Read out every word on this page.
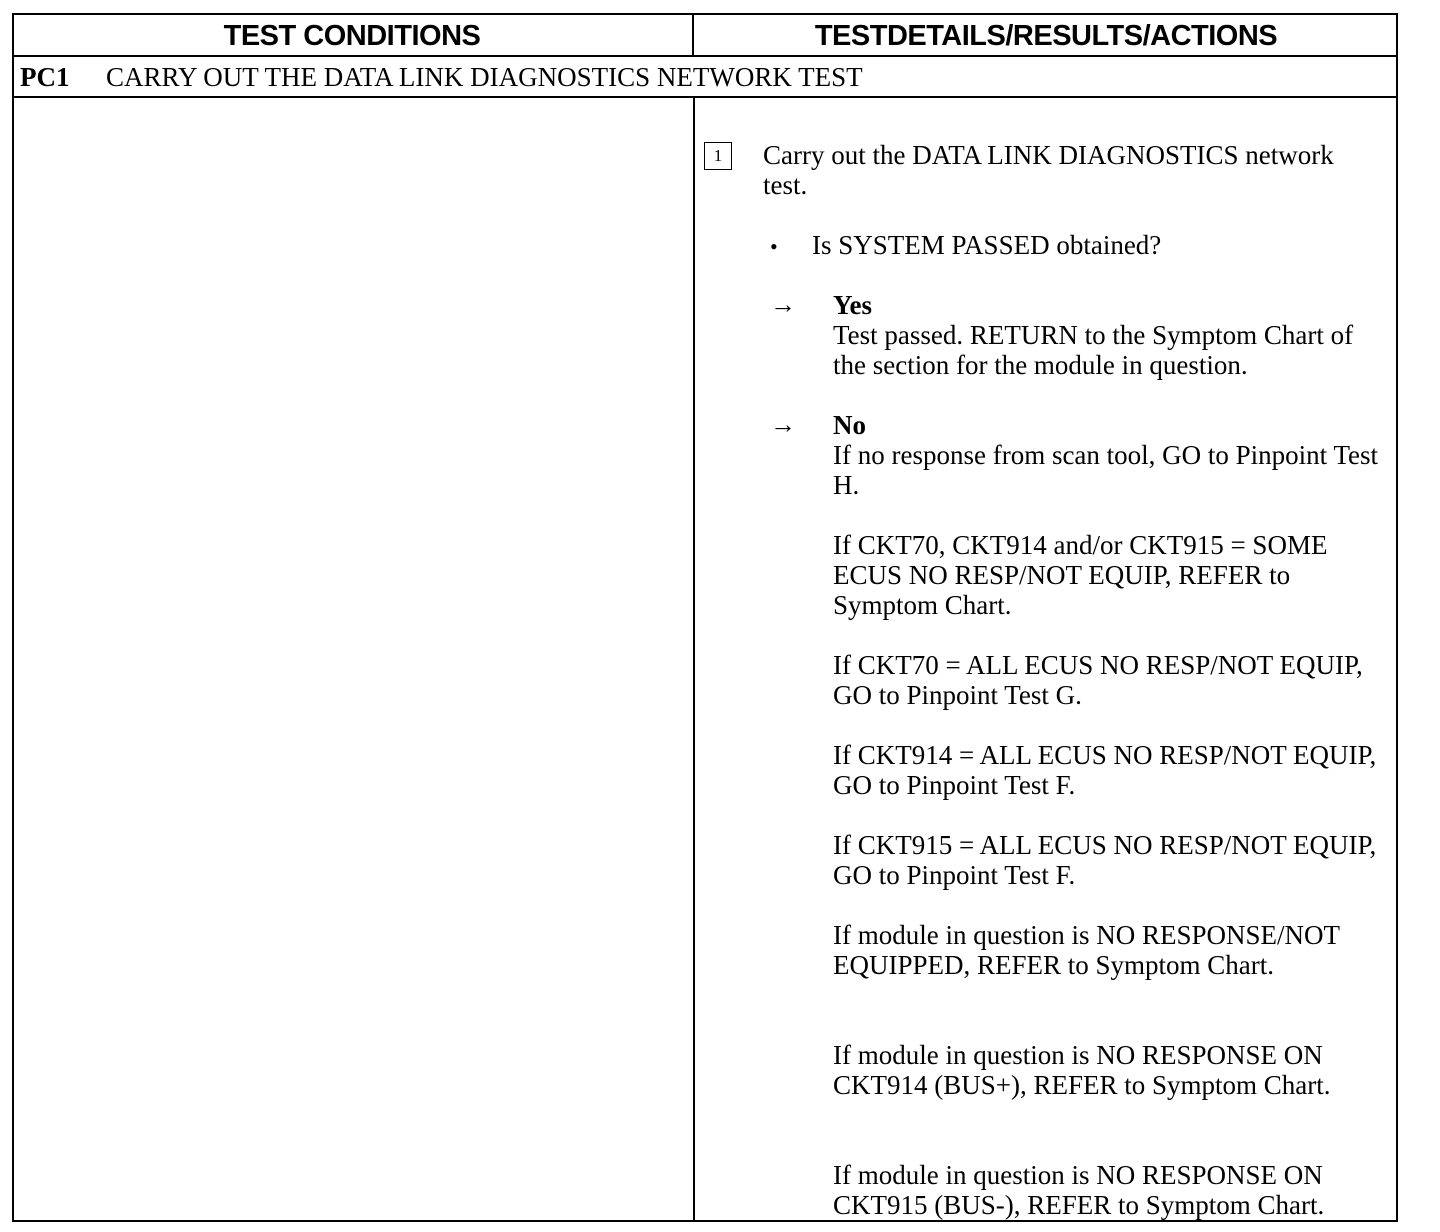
TEST CONDITIONS	TESTDETAILS/RESULTS/ACTIONS
PC1 CARRY OUT THE DATA LINK DIAGNOSTICS NETWORK TEST
1	Carry out the DATA LINK DIAGNOSTICS network test.
• Is SYSTEM PASSED obtained?
→ Yes
Test passed. RETURN to the Symptom Chart of the section for the module in question.
→ No
If no response from scan tool, GO to Pinpoint Test H.
If CKT70, CKT914 and/or CKT915 = SOME ECUS NO RESP/NOT EQUIP, REFER to Symptom Chart.
If CKT70 = ALL ECUS NO RESP/NOT EQUIP, GO to Pinpoint Test G.
If CKT914 = ALL ECUS NO RESP/NOT EQUIP, GO to Pinpoint Test F.
If CKT915 = ALL ECUS NO RESP/NOT EQUIP, GO to Pinpoint Test F.
If module in question is NO RESPONSE/NOT EQUIPPED, REFER to Symptom Chart.
If module in question is NO RESPONSE ON CKT914 (BUS+), REFER to Symptom Chart.
If module in question is NO RESPONSE ON CKT915 (BUS-), REFER to Symptom Chart.
